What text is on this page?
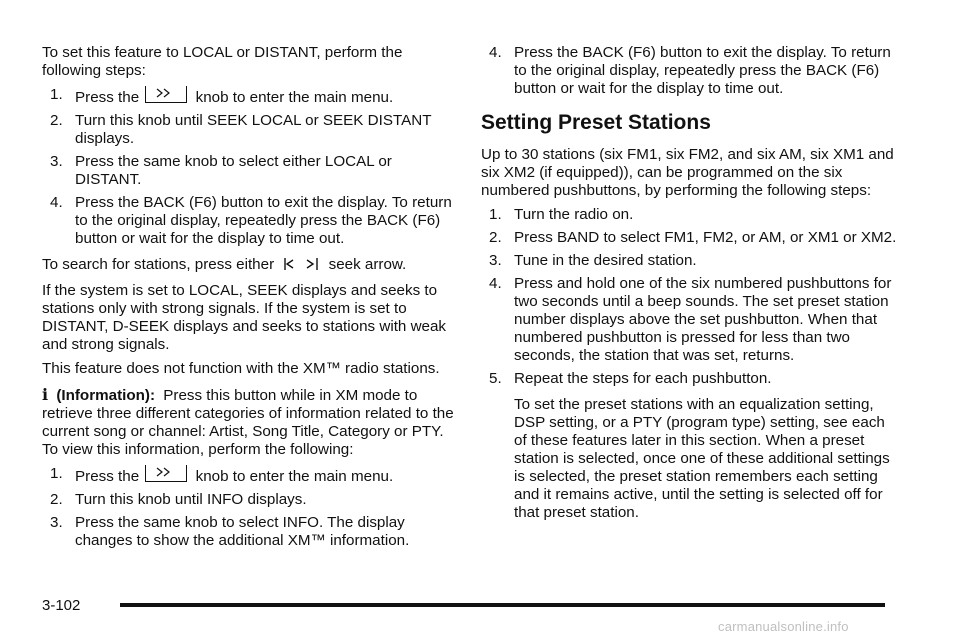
To set this feature to LOCAL or DISTANT, perform the following steps:

1. Press the	knob to enter the main menu.
2. Turn this knob until SEEK LOCAL or SEEK DISTANT displays.
3. Press the same knob to select either LOCAL or DISTANT.
4. Press the BACK (F6) button to exit the display. To return to the original display, repeatedly press the BACK (F6) button or wait for the display to time out.

To search for stations, press either	seek arrow.

If the system is set to LOCAL, SEEK displays and seeks to stations only with strong signals. If the system is set to DISTANT, D-SEEK displays and seeks to stations with weak and strong signals.

This feature does not function with the XM™ radio stations.

i (Information): Press this button while in XM mode to retrieve three different categories of information related to the current song or channel: Artist, Song Title, Category or PTY. To view this information, perform the following:

1. Press the	knob to enter the main menu.
2. Turn this knob until INFO displays.
3. Press the same knob to select INFO. The display changes to show the additional XM™ information.
4. Press the BACK (F6) button to exit the display. To return to the original display, repeatedly press the BACK (F6) button or wait for the display to time out.
Setting Preset Stations

Up to 30 stations (six FM1, six FM2, and six AM, six XM1 and six XM2 (if equipped)), can be programmed on the six numbered pushbuttons, by performing the following steps:

1. Turn the radio on.
2. Press BAND to select FM1, FM2, or AM, or XM1 or XM2.
3. Tune in the desired station.
4. Press and hold one of the six numbered pushbuttons for two seconds until a beep sounds. The set preset station number displays above the set pushbutton. When that numbered pushbutton is pressed for less than two seconds, the station that was set, returns.
5. Repeat the steps for each pushbutton.

To set the preset stations with an equalization setting, DSP setting, or a PTY (program type) setting, see each of these features later in this section. When a preset station is selected, once one of these additional settings is selected, the preset station remembers each setting and it remains active, until the setting is selected off for that preset station.

3-102
carmanualsonline.info
